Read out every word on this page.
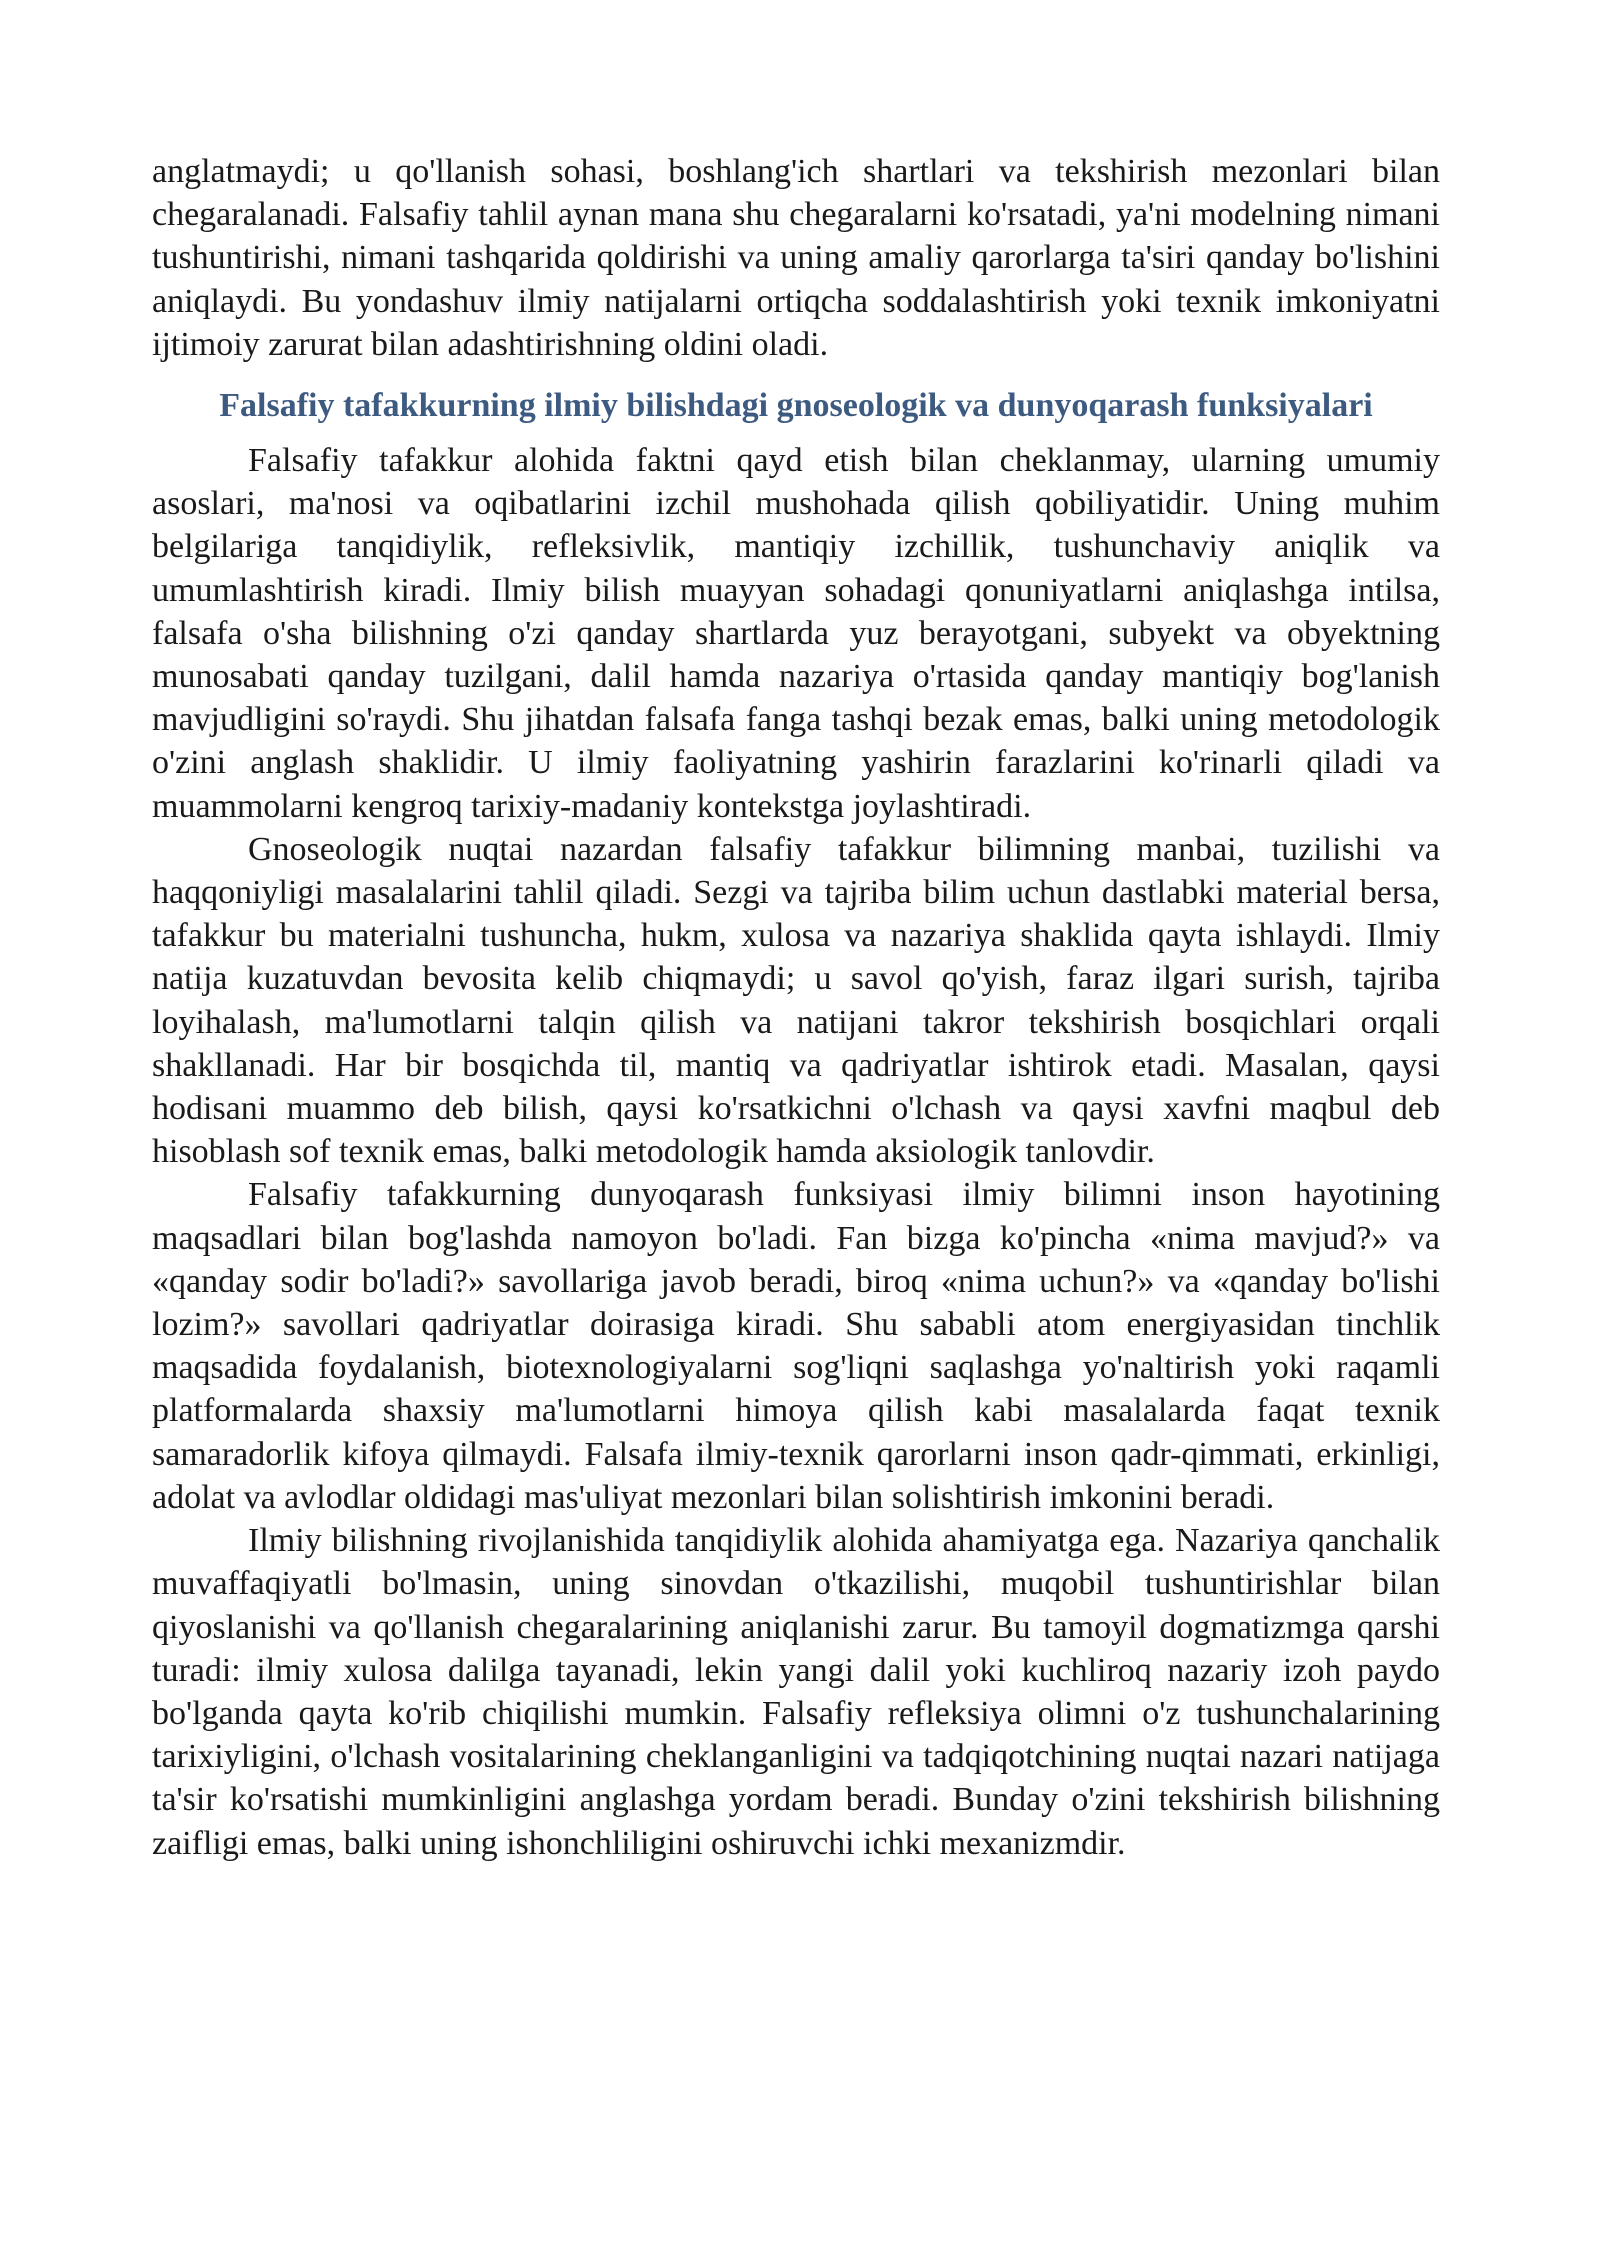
anglatmaydi; u qo'llanish sohasi, boshlang'ich shartlari va tekshirish mezonlari bilan chegaralanadi. Falsafiy tahlil aynan mana shu chegaralarni ko'rsatadi, ya'ni modelning nimani tushuntirishi, nimani tashqarida qoldirishi va uning amaliy qarorlarga ta'siri qanday bo'lishini aniqlaydi. Bu yondashuv ilmiy natijalarni ortiqcha soddalashtirish yoki texnik imkoniyatni ijtimoiy zarurat bilan adashtirishning oldini oladi.

Falsafiy tafakkurning ilmiy bilishdagi gnoseologik va dunyoqarash funksiyalari

Falsafiy tafakkur alohida faktni qayd etish bilan cheklanmay, ularning umumiy asoslari, ma'nosi va oqibatlarini izchil mushohada qilish qobiliyatidir. Uning muhim belgilariga tanqidiylik, refleksivlik, mantiqiy izchillik, tushunchaviy aniqlik va umumlashtirish kiradi. Ilmiy bilish muayyan sohadagi qonuniyatlarni aniqlashga intilsa, falsafa o'sha bilishning o'zi qanday shartlarda yuz berayotgani, subyekt va obyektning munosabati qanday tuzilgani, dalil hamda nazariya o'rtasida qanday mantiqiy bog'lanish mavjudligini so'raydi. Shu jihatdan falsafa fanga tashqi bezak emas, balki uning metodologik o'zini anglash shaklidir. U ilmiy faoliyatning yashirin farazlarini ko'rinarli qiladi va muammolarni kengroq tarixiy-madaniy kontekstga joylashtiradi.

Gnoseologik nuqtai nazardan falsafiy tafakkur bilimning manbai, tuzilishi va haqqoniyligi masalalarini tahlil qiladi. Sezgi va tajriba bilim uchun dastlabki material bersa, tafakkur bu materialni tushuncha, hukm, xulosa va nazariya shaklida qayta ishlaydi. Ilmiy natija kuzatuvdan bevosita kelib chiqmaydi; u savol qo'yish, faraz ilgari surish, tajriba loyihalash, ma'lumotlarni talqin qilish va natijani takror tekshirish bosqichlari orqali shakllanadi. Har bir bosqichda til, mantiq va qadriyatlar ishtirok etadi. Masalan, qaysi hodisani muammo deb bilish, qaysi ko'rsatkichni o'lchash va qaysi xavfni maqbul deb hisoblash sof texnik emas, balki metodologik hamda aksiologik tanlovdir.

Falsafiy tafakkurning dunyoqarash funksiyasi ilmiy bilimni inson hayotining maqsadlari bilan bog'lashda namoyon bo'ladi. Fan bizga ko'pincha «nima mavjud?» va «qanday sodir bo'ladi?» savollariga javob beradi, biroq «nima uchun?» va «qanday bo'lishi lozim?» savollari qadriyatlar doirasiga kiradi. Shu sababli atom energiyasidan tinchlik maqsadida foydalanish, biotexnologiyalarni sog'liqni saqlashga yo'naltirish yoki raqamli platformalarda shaxsiy ma'lumotlarni himoya qilish kabi masalalarda faqat texnik samaradorlik kifoya qilmaydi. Falsafa ilmiy-texnik qarorlarni inson qadr-qimmati, erkinligi, adolat va avlodlar oldidagi mas'uliyat mezonlari bilan solishtirish imkonini beradi.

Ilmiy bilishning rivojlanishida tanqidiylik alohida ahamiyatga ega. Nazariya qanchalik muvaffaqiyatli bo'lmasin, uning sinovdan o'tkazilishi, muqobil tushuntirishlar bilan qiyoslanishi va qo'llanish chegaralarining aniqlanishi zarur. Bu tamoyil dogmatizmga qarshi turadi: ilmiy xulosa dalilga tayanadi, lekin yangi dalil yoki kuchliroq nazariy izoh paydo bo'lganda qayta ko'rib chiqilishi mumkin. Falsafiy refleksiya olimni o'z tushunchalarining tarixiyligini, o'lchash vositalarining cheklanganligini va tadqiqotchining nuqtai nazari natijaga ta'sir ko'rsatishi mumkinligini anglashga yordam beradi. Bunday o'zini tekshirish bilishning zaifligi emas, balki uning ishonchliligini oshiruvchi ichki mexanizmdir.
